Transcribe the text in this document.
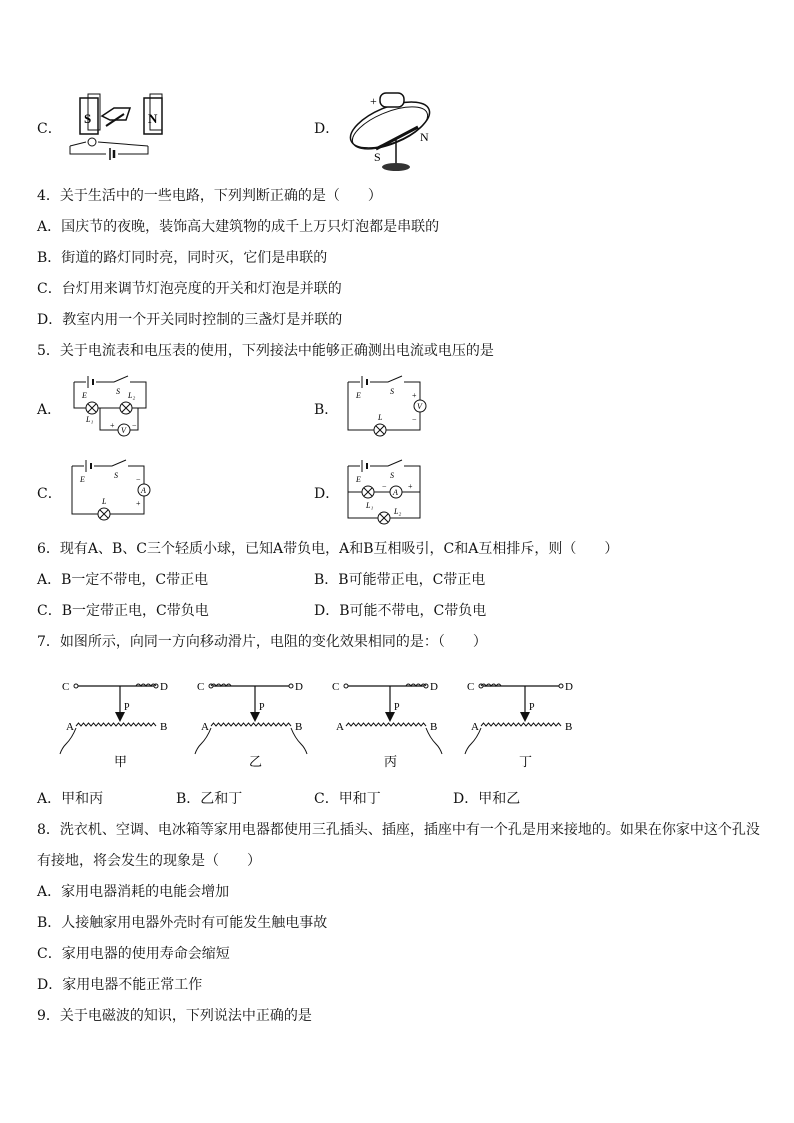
C．
S	N
D．
+
S
N
4．关于生活中的一些电路，下列判断正确的是（　　）
A．国庆节的夜晚，装饰高大建筑物的成千上万只灯泡都是串联的
B．街道的路灯同时亮，同时灭，它们是串联的
C．台灯用来调节灯泡亮度的开关和灯泡是并联的
D．教室内用一个开关同时控制的三盏灯是并联的
5．关于电流表和电压表的使用，下列接法中能够正确测出电流或电压的是
A．
E	S
L₁
L₂
V
+ −
B．
E	S
V
+
−
L
C．
E	S
A
−
+
L	D．
E	S
A
−	+
L₁
L₂
6．现有A、B、C三个轻质小球，已知A带负电，A和B互相吸引，C和A互相排斥，则（　　）
A．B一定不带电，C带正电	B．B可能带正电，C带正电
C．B一定带正电，C带负电	D．B可能不带电，C带负电
7．如图所示，向同一方向移动滑片，电阻的变化效果相同的是：（　　）
C	D
P
A	B
甲
C	D
P
A	B
乙
C	D
P
A	B
丙
C	D
P
A	B
丁
A．甲和丙	B．乙和丁	C．甲和丁	D．甲和乙
8．洗衣机、空调、电冰箱等家用电器都使用三孔插头、插座，插座中有一个孔是用来接地的。如果在你家中这个孔没
有接地，将会发生的现象是（　　）
A．家用电器消耗的电能会增加
B．人接触家用电器外壳时有可能发生触电事故
C．家用电器的使用寿命会缩短
D．家用电器不能正常工作
9．关于电磁波的知识，下列说法中正确的是
